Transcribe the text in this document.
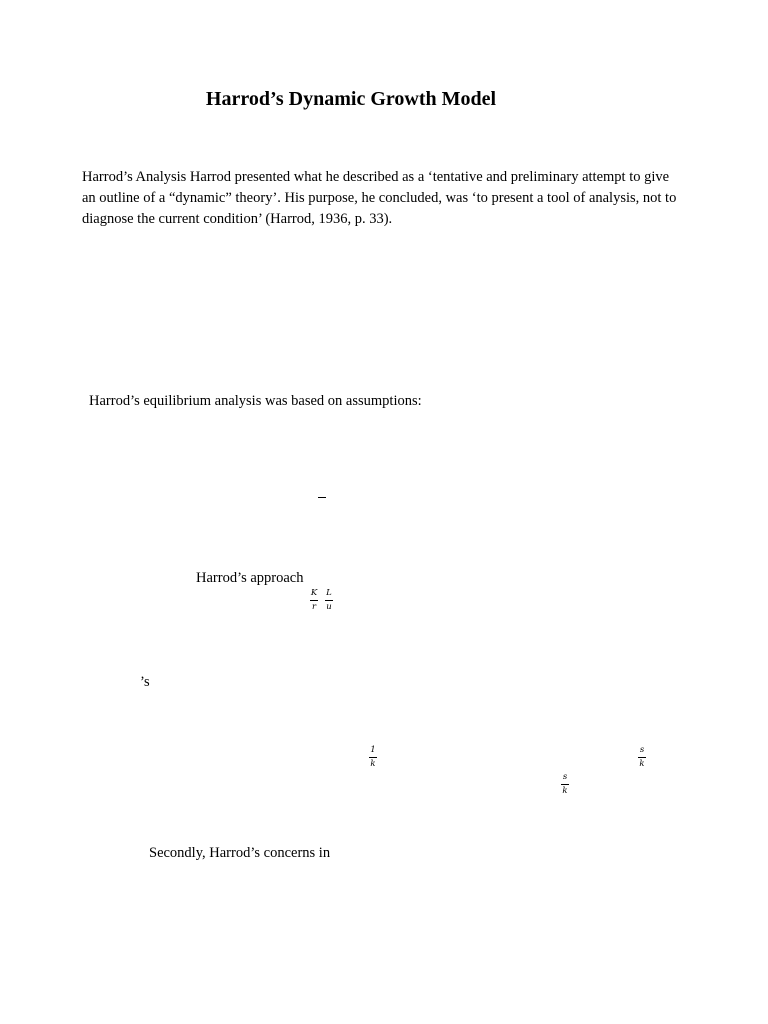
Harrod’s Dynamic Growth Model
Harrod’s Analysis Harrod presented what he described as a ‘tentative and preliminary attempt to give an outline of a “dynamic” theory’. His purpose, he concluded, was ‘to present a tool of analysis, not to diagnose the current condition’ (Harrod, 1936, p. 33).
Harrod’s equilibrium analysis was based on assumptions:
Harrod’s approach
K
r
L
u
’s
1
k
s
k
s
k
Secondly, Harrod’s concerns in
